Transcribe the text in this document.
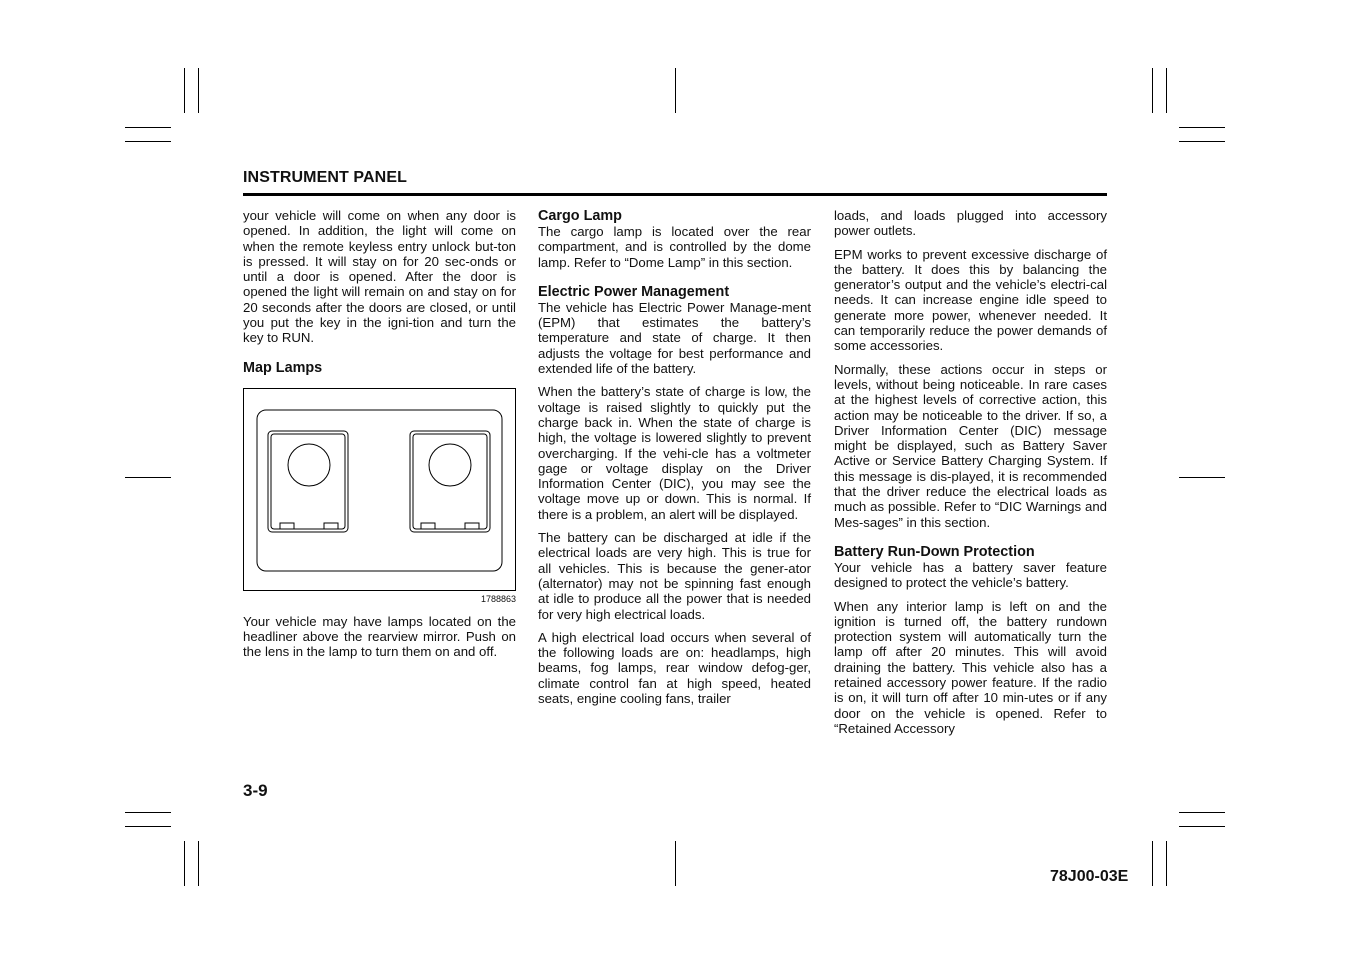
INSTRUMENT PANEL

your vehicle will come on when any door is opened. In addition, the light will come on when the remote keyless entry unlock but-ton is pressed. It will stay on for 20 sec-onds or until a door is opened. After the door is opened the light will remain on and stay on for 20 seconds after the doors are closed, or until you put the key in the igni-tion and turn the key to RUN.

Map Lamps
1788863

Your vehicle may have lamps located on the headliner above the rearview mirror. Push on the lens in the lamp to turn them on and off.

Cargo Lamp

The cargo lamp is located over the rear compartment, and is controlled by the dome lamp. Refer to “Dome Lamp” in this section.

Electric Power Management

The vehicle has Electric Power Manage-ment (EPM) that estimates the battery’s temperature and state of charge. It then adjusts the voltage for best performance and extended life of the battery.

When the battery’s state of charge is low, the voltage is raised slightly to quickly put the charge back in. When the state of charge is high, the voltage is lowered slightly to prevent overcharging. If the vehi-cle has a voltmeter gage or voltage display on the Driver Information Center (DIC), you may see the voltage move up or down. This is normal. If there is a problem, an alert will be displayed.

The battery can be discharged at idle if the electrical loads are very high. This is true for all vehicles. This is because the gener-ator (alternator) may not be spinning fast enough at idle to produce all the power that is needed for very high electrical loads.

A high electrical load occurs when several of the following loads are on: headlamps, high beams, fog lamps, rear window defog-ger, climate control fan at high speed, heated seats, engine cooling fans, trailer

loads, and loads plugged into accessory power outlets.

EPM works to prevent excessive discharge of the battery. It does this by balancing the generator’s output and the vehicle’s electri-cal needs. It can increase engine idle speed to generate more power, whenever needed. It can temporarily reduce the power demands of some accessories.

Normally, these actions occur in steps or levels, without being noticeable. In rare cases at the highest levels of corrective action, this action may be noticeable to the driver. If so, a Driver Information Center (DIC) message might be displayed, such as Battery Saver Active or Service Battery Charging System. If this message is dis-played, it is recommended that the driver reduce the electrical loads as much as possible. Refer to “DIC Warnings and Mes-sages” in this section.

Battery Run-Down Protection

Your vehicle has a battery saver feature designed to protect the vehicle’s battery.

When any interior lamp is left on and the ignition is turned off, the battery rundown protection system will automatically turn the lamp off after 20 minutes. This will avoid draining the battery. This vehicle also has a retained accessory power feature. If the radio is on, it will turn off after 10 min-utes or if any door on the vehicle is opened. Refer to “Retained Accessory

3-9
78J00-03E
